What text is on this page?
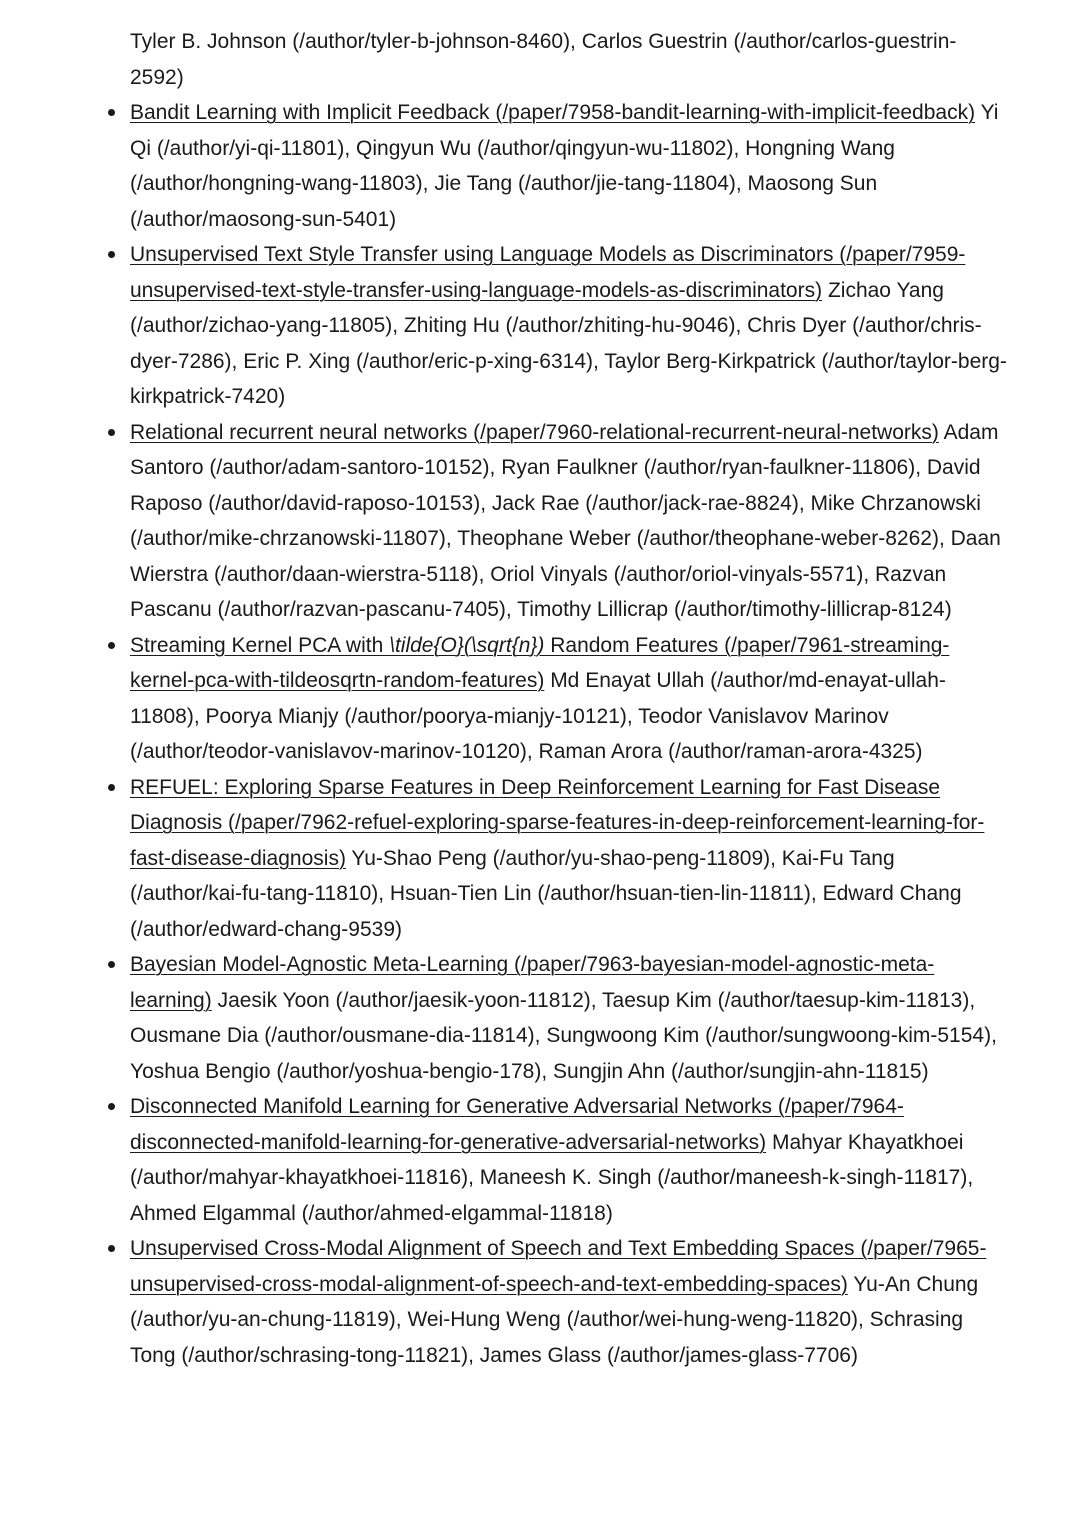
Tyler B. Johnson (/author/tyler-b-johnson-8460), Carlos Guestrin (/author/carlos-guestrin-2592)

Bandit Learning with Implicit Feedback (/paper/7958-bandit-learning-with-implicit-feedback) Yi Qi (/author/yi-qi-11801), Qingyun Wu (/author/qingyun-wu-11802), Hongning Wang (/author/hongning-wang-11803), Jie Tang (/author/jie-tang-11804), Maosong Sun (/author/maosong-sun-5401)
Unsupervised Text Style Transfer using Language Models as Discriminators (/paper/7959-unsupervised-text-style-transfer-using-language-models-as-discriminators) Zichao Yang (/author/zichao-yang-11805), Zhiting Hu (/author/zhiting-hu-9046), Chris Dyer (/author/chris-dyer-7286), Eric P. Xing (/author/eric-p-xing-6314), Taylor Berg-Kirkpatrick (/author/taylor-berg-kirkpatrick-7420)
Relational recurrent neural networks (/paper/7960-relational-recurrent-neural-networks) Adam Santoro (/author/adam-santoro-10152), Ryan Faulkner (/author/ryan-faulkner-11806), David Raposo (/author/david-raposo-10153), Jack Rae (/author/jack-rae-8824), Mike Chrzanowski (/author/mike-chrzanowski-11807), Theophane Weber (/author/theophane-weber-8262), Daan Wierstra (/author/daan-wierstra-5118), Oriol Vinyals (/author/oriol-vinyals-5571), Razvan Pascanu (/author/razvan-pascanu-7405), Timothy Lillicrap (/author/timothy-lillicrap-8124)
Streaming Kernel PCA with \tilde{O}(\sqrt{n}) Random Features (/paper/7961-streaming-kernel-pca-with-tildeosqrtn-random-features) Md Enayat Ullah (/author/md-enayat-ullah-11808), Poorya Mianjy (/author/poorya-mianjy-10121), Teodor Vanislavov Marinov (/author/teodor-vanislavov-marinov-10120), Raman Arora (/author/raman-arora-4325)
REFUEL: Exploring Sparse Features in Deep Reinforcement Learning for Fast Disease Diagnosis (/paper/7962-refuel-exploring-sparse-features-in-deep-reinforcement-learning-for-fast-disease-diagnosis) Yu-Shao Peng (/author/yu-shao-peng-11809), Kai-Fu Tang (/author/kai-fu-tang-11810), Hsuan-Tien Lin (/author/hsuan-tien-lin-11811), Edward Chang (/author/edward-chang-9539)
Bayesian Model-Agnostic Meta-Learning (/paper/7963-bayesian-model-agnostic-meta-learning) Jaesik Yoon (/author/jaesik-yoon-11812), Taesup Kim (/author/taesup-kim-11813), Ousmane Dia (/author/ousmane-dia-11814), Sungwoong Kim (/author/sungwoong-kim-5154), Yoshua Bengio (/author/yoshua-bengio-178), Sungjin Ahn (/author/sungjin-ahn-11815)
Disconnected Manifold Learning for Generative Adversarial Networks (/paper/7964-disconnected-manifold-learning-for-generative-adversarial-networks) Mahyar Khayatkhoei (/author/mahyar-khayatkhoei-11816), Maneesh K. Singh (/author/maneesh-k-singh-11817), Ahmed Elgammal (/author/ahmed-elgammal-11818)
Unsupervised Cross-Modal Alignment of Speech and Text Embedding Spaces (/paper/7965-unsupervised-cross-modal-alignment-of-speech-and-text-embedding-spaces) Yu-An Chung (/author/yu-an-chung-11819), Wei-Hung Weng (/author/wei-hung-weng-11820), Schrasing Tong (/author/schrasing-tong-11821), James Glass (/author/james-glass-7706)
